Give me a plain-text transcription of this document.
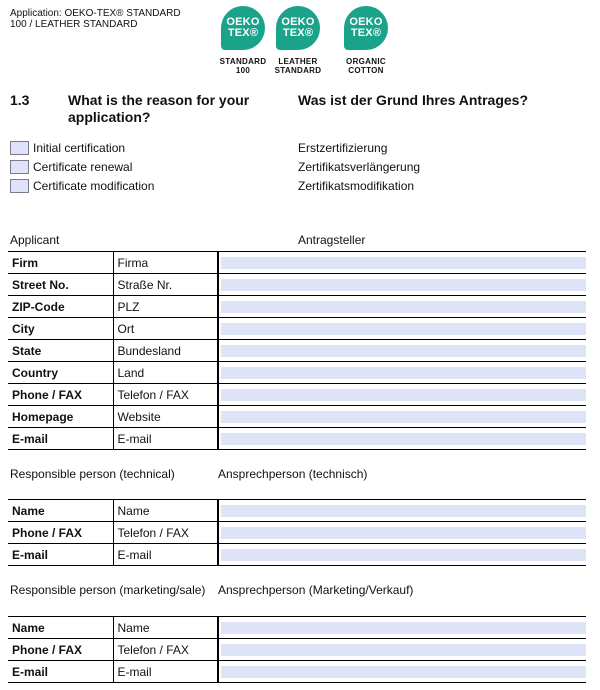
Application: OEKO-TEX® STANDARD 100 / LEATHER STANDARD	OEKO
TEX®
STANDARD
100
OEKO
TEX®
LEATHER
STANDARD
OEKO
TEX®
ORGANIC
COTTON
1.3	What is the reason for your application?
Was ist der Grund Ihres Antrages?
Initial certification	Erstzertifizierung
Certificate renewal	Zertifikatsverlängerung
Certificate modification	Zertifikatsmodifikation
Applicant	Antragsteller
Firm	Firma	

Street No.	Straße Nr.	

ZIP-Code	PLZ	

City	Ort	

State	Bundesland	

Country	Land	

Phone / FAX	Telefon / FAX	

Homepage	Website	

E-mail	E-mail	
Responsible person (technical)	Ansprechperson (technisch)
Name	Name	

Phone / FAX	Telefon / FAX	

E-mail	E-mail	
Responsible person (marketing/sale) Ansprechperson (Marketing/Verkauf)
Name	Name	

Phone / FAX	Telefon / FAX	

E-mail	E-mail	
